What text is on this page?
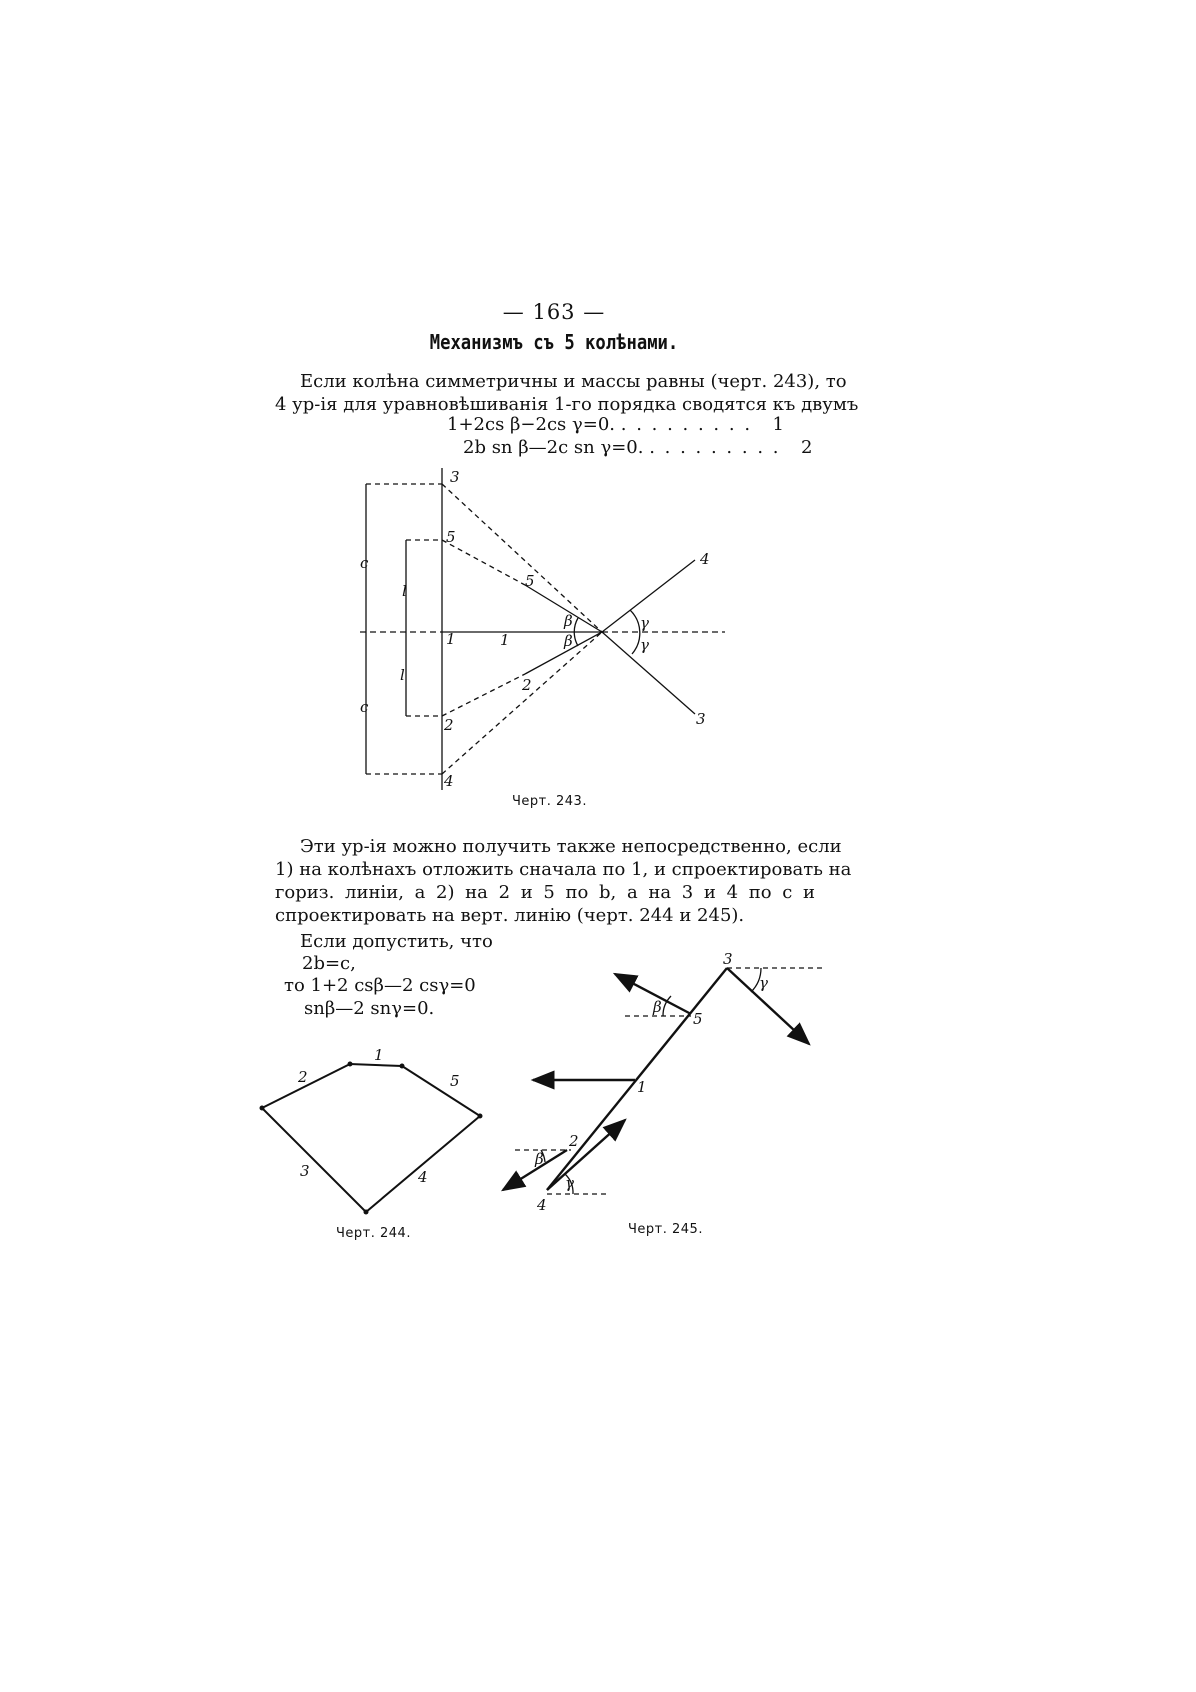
— 163 —
Механизмъ съ 5 колѣнами.
Если колѣна симметричны и массы равны (черт. 243), то
4 ур-iя для уравновѣшиванiя 1-го порядка сводятся къ двумъ
1+2cs β−2cs γ=0. . . . . . . . . . 1
2b sn β—2c sn γ=0. . . . . . . . . . 2
c
l
l
c
3
5
1	1
5
2
2
4
β
β
γ
γ
4
3
Черт. 243.
Эти ур-iя можно получить также непосредственно, если
1) на колѣнахъ отложить сначала по 1, и спроектировать на
гориз. линiи, а 2) на 2 и 5 по b, а на 3 и 4 по c и
спроектировать на верт. линiю (черт. 244 и 245).
Если допустить, что
2b=c,
то 1+2 csβ—2 csγ=0
snβ—2 snγ=0.
1
2	5
3	4
Черт. 244.
3
γ
β
5
1
2
β
γ
4
Черт. 245.
